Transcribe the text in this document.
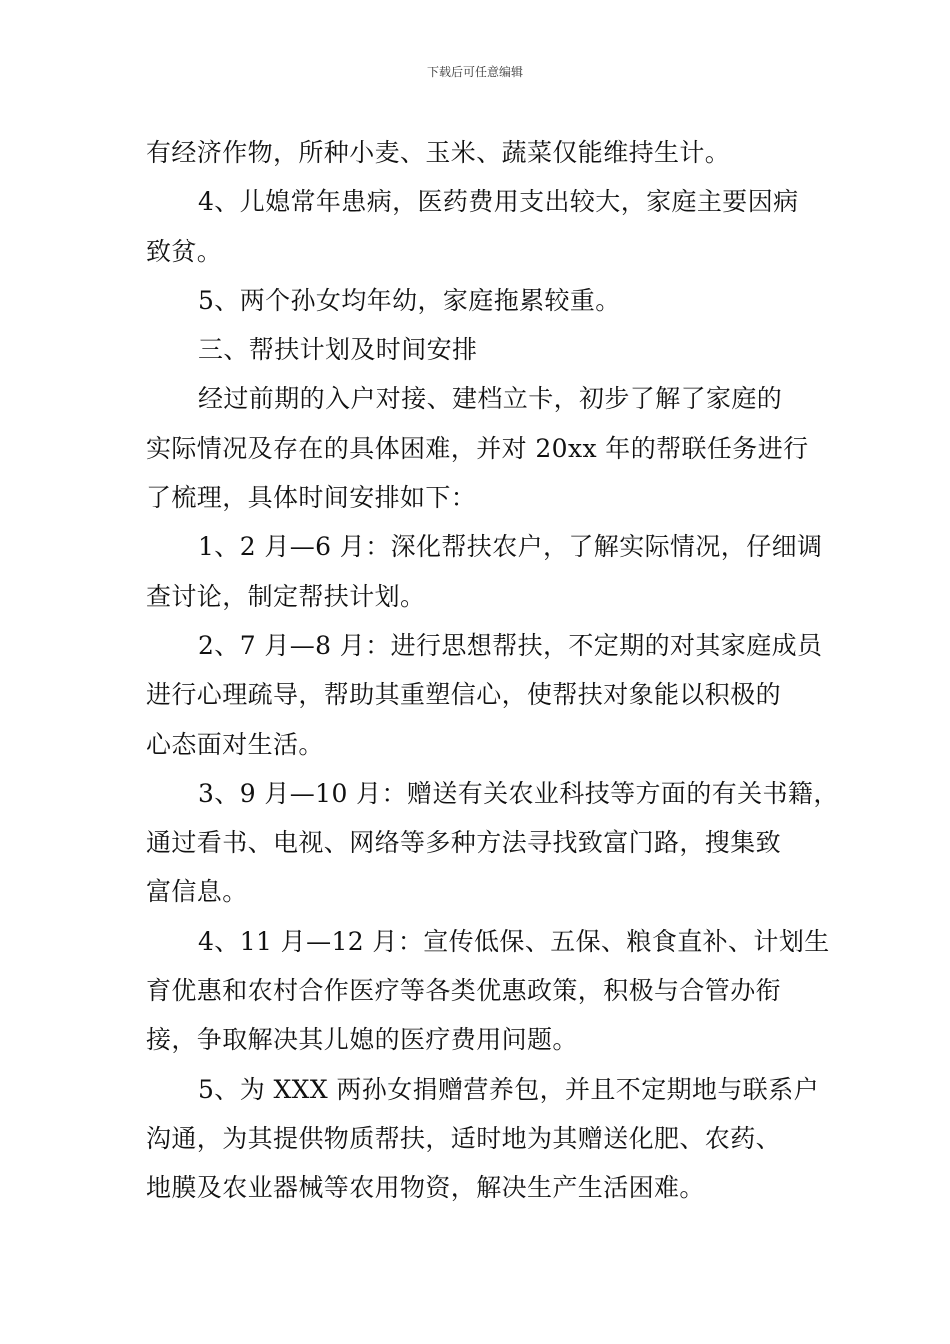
下载后可任意编辑

有经济作物，所种小麦、玉米、蔬菜仅能维持生计。

4、儿媳常年患病，医药费用支出较大，家庭主要因病

致贫。

5、两个孙女均年幼，家庭拖累较重。

三、帮扶计划及时间安排

经过前期的入户对接、建档立卡，初步了解了家庭的

实际情况及存在的具体困难，并对 20xx 年的帮联任务进行

了梳理，具体时间安排如下：

1、2 月—6 月：深化帮扶农户，了解实际情况，仔细调

查讨论，制定帮扶计划。

2、7 月—8 月：进行思想帮扶，不定期的对其家庭成员

进行心理疏导，帮助其重塑信心，使帮扶对象能以积极的

心态面对生活。

3、9 月—10 月：赠送有关农业科技等方面的有关书籍，

通过看书、电视、网络等多种方法寻找致富门路，搜集致

富信息。

4、11 月—12 月：宣传低保、五保、粮食直补、计划生

育优惠和农村合作医疗等各类优惠政策，积极与合管办衔

接，争取解决其儿媳的医疗费用问题。

5、为 XXX 两孙女捐赠营养包，并且不定期地与联系户

沟通，为其提供物质帮扶，适时地为其赠送化肥、农药、

地膜及农业器械等农用物资，解决生产生活困难。
